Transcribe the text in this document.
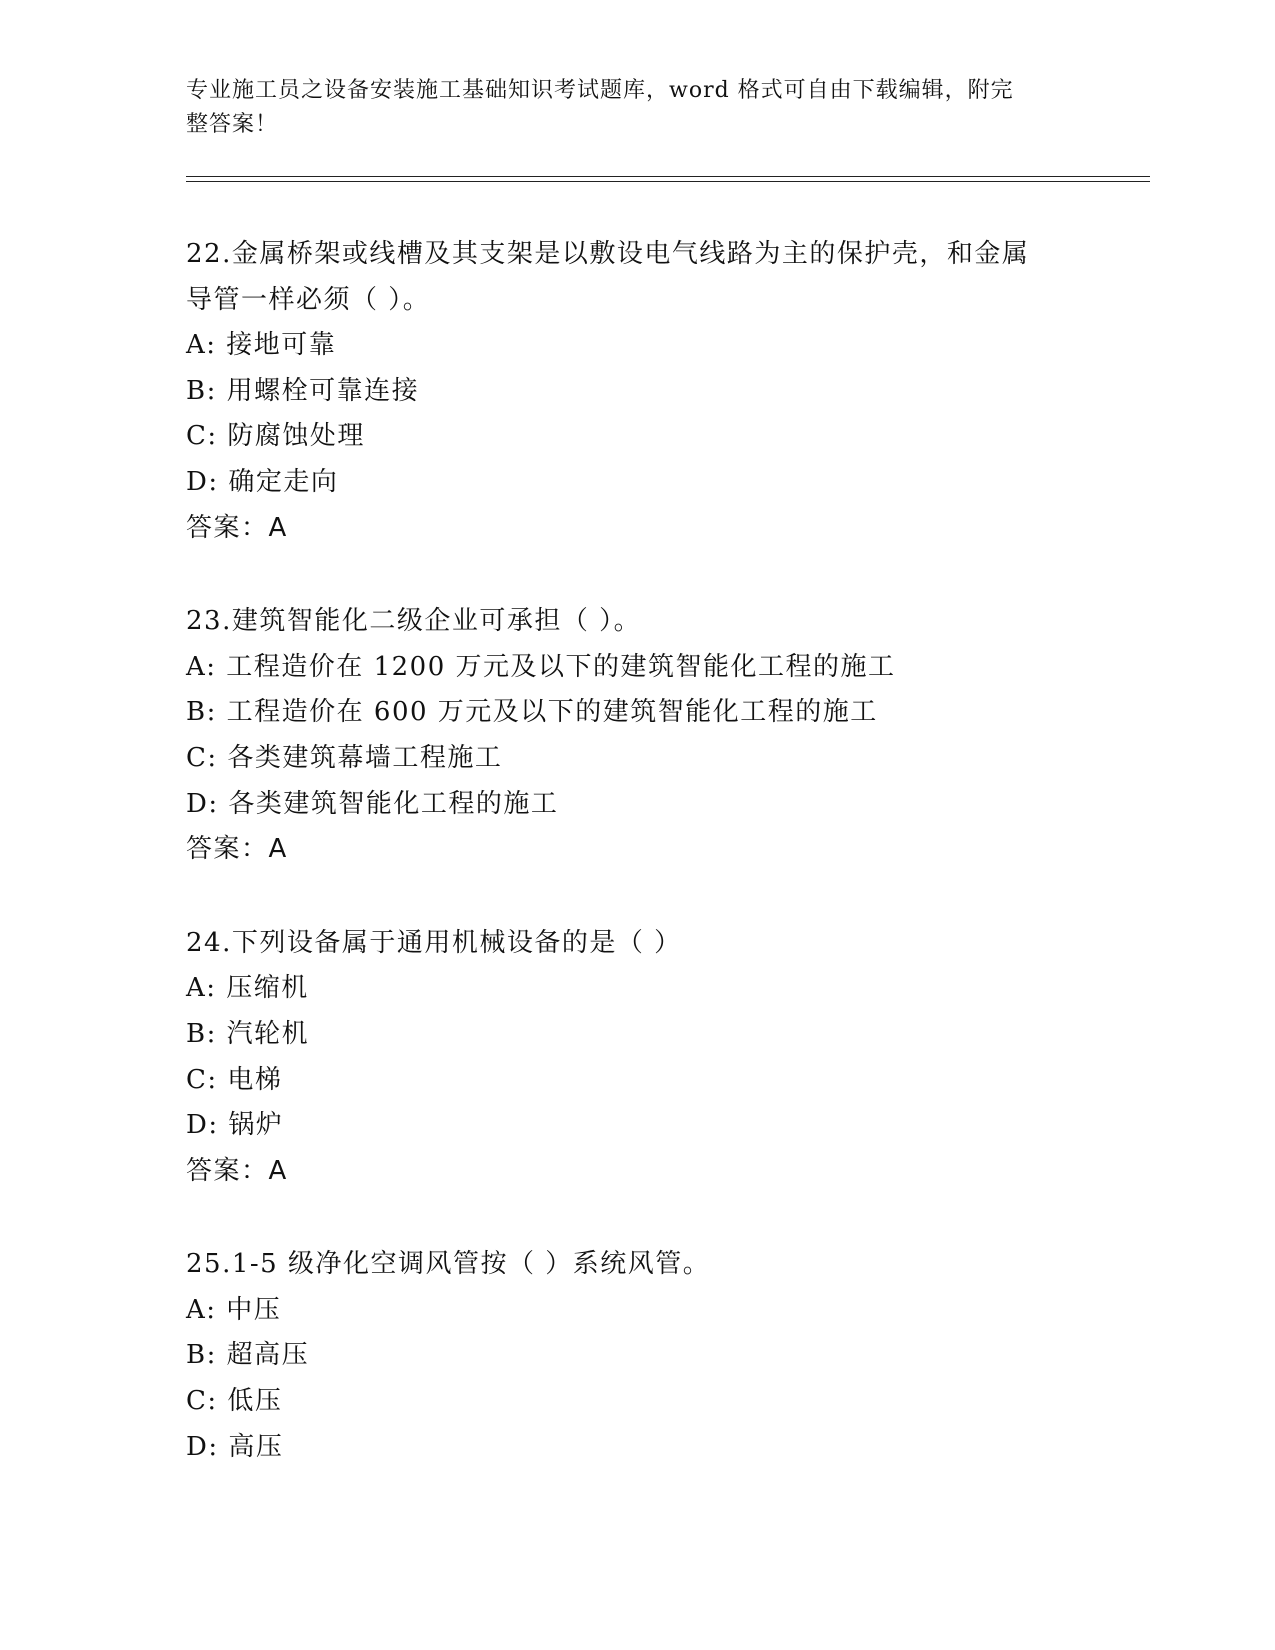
专业施工员之设备安装施工基础知识考试题库，word 格式可自由下载编辑，附完
整答案！
22.金属桥架或线槽及其支架是以敷设电气线路为主的保护壳，和金属
导管一样必须（ ）。
A: 接地可靠
B: 用螺栓可靠连接
C: 防腐蚀处理
D: 确定走向
答案：A
23.建筑智能化二级企业可承担（ ）。
A: 工程造价在 1200 万元及以下的建筑智能化工程的施工
B: 工程造价在 600 万元及以下的建筑智能化工程的施工
C: 各类建筑幕墙工程施工
D: 各类建筑智能化工程的施工
答案：A
24.下列设备属于通用机械设备的是（ ）
A: 压缩机
B: 汽轮机
C: 电梯
D: 锅炉
答案：A
25.1-5 级净化空调风管按（ ）系统风管。
A: 中压
B: 超高压
C: 低压
D: 高压
